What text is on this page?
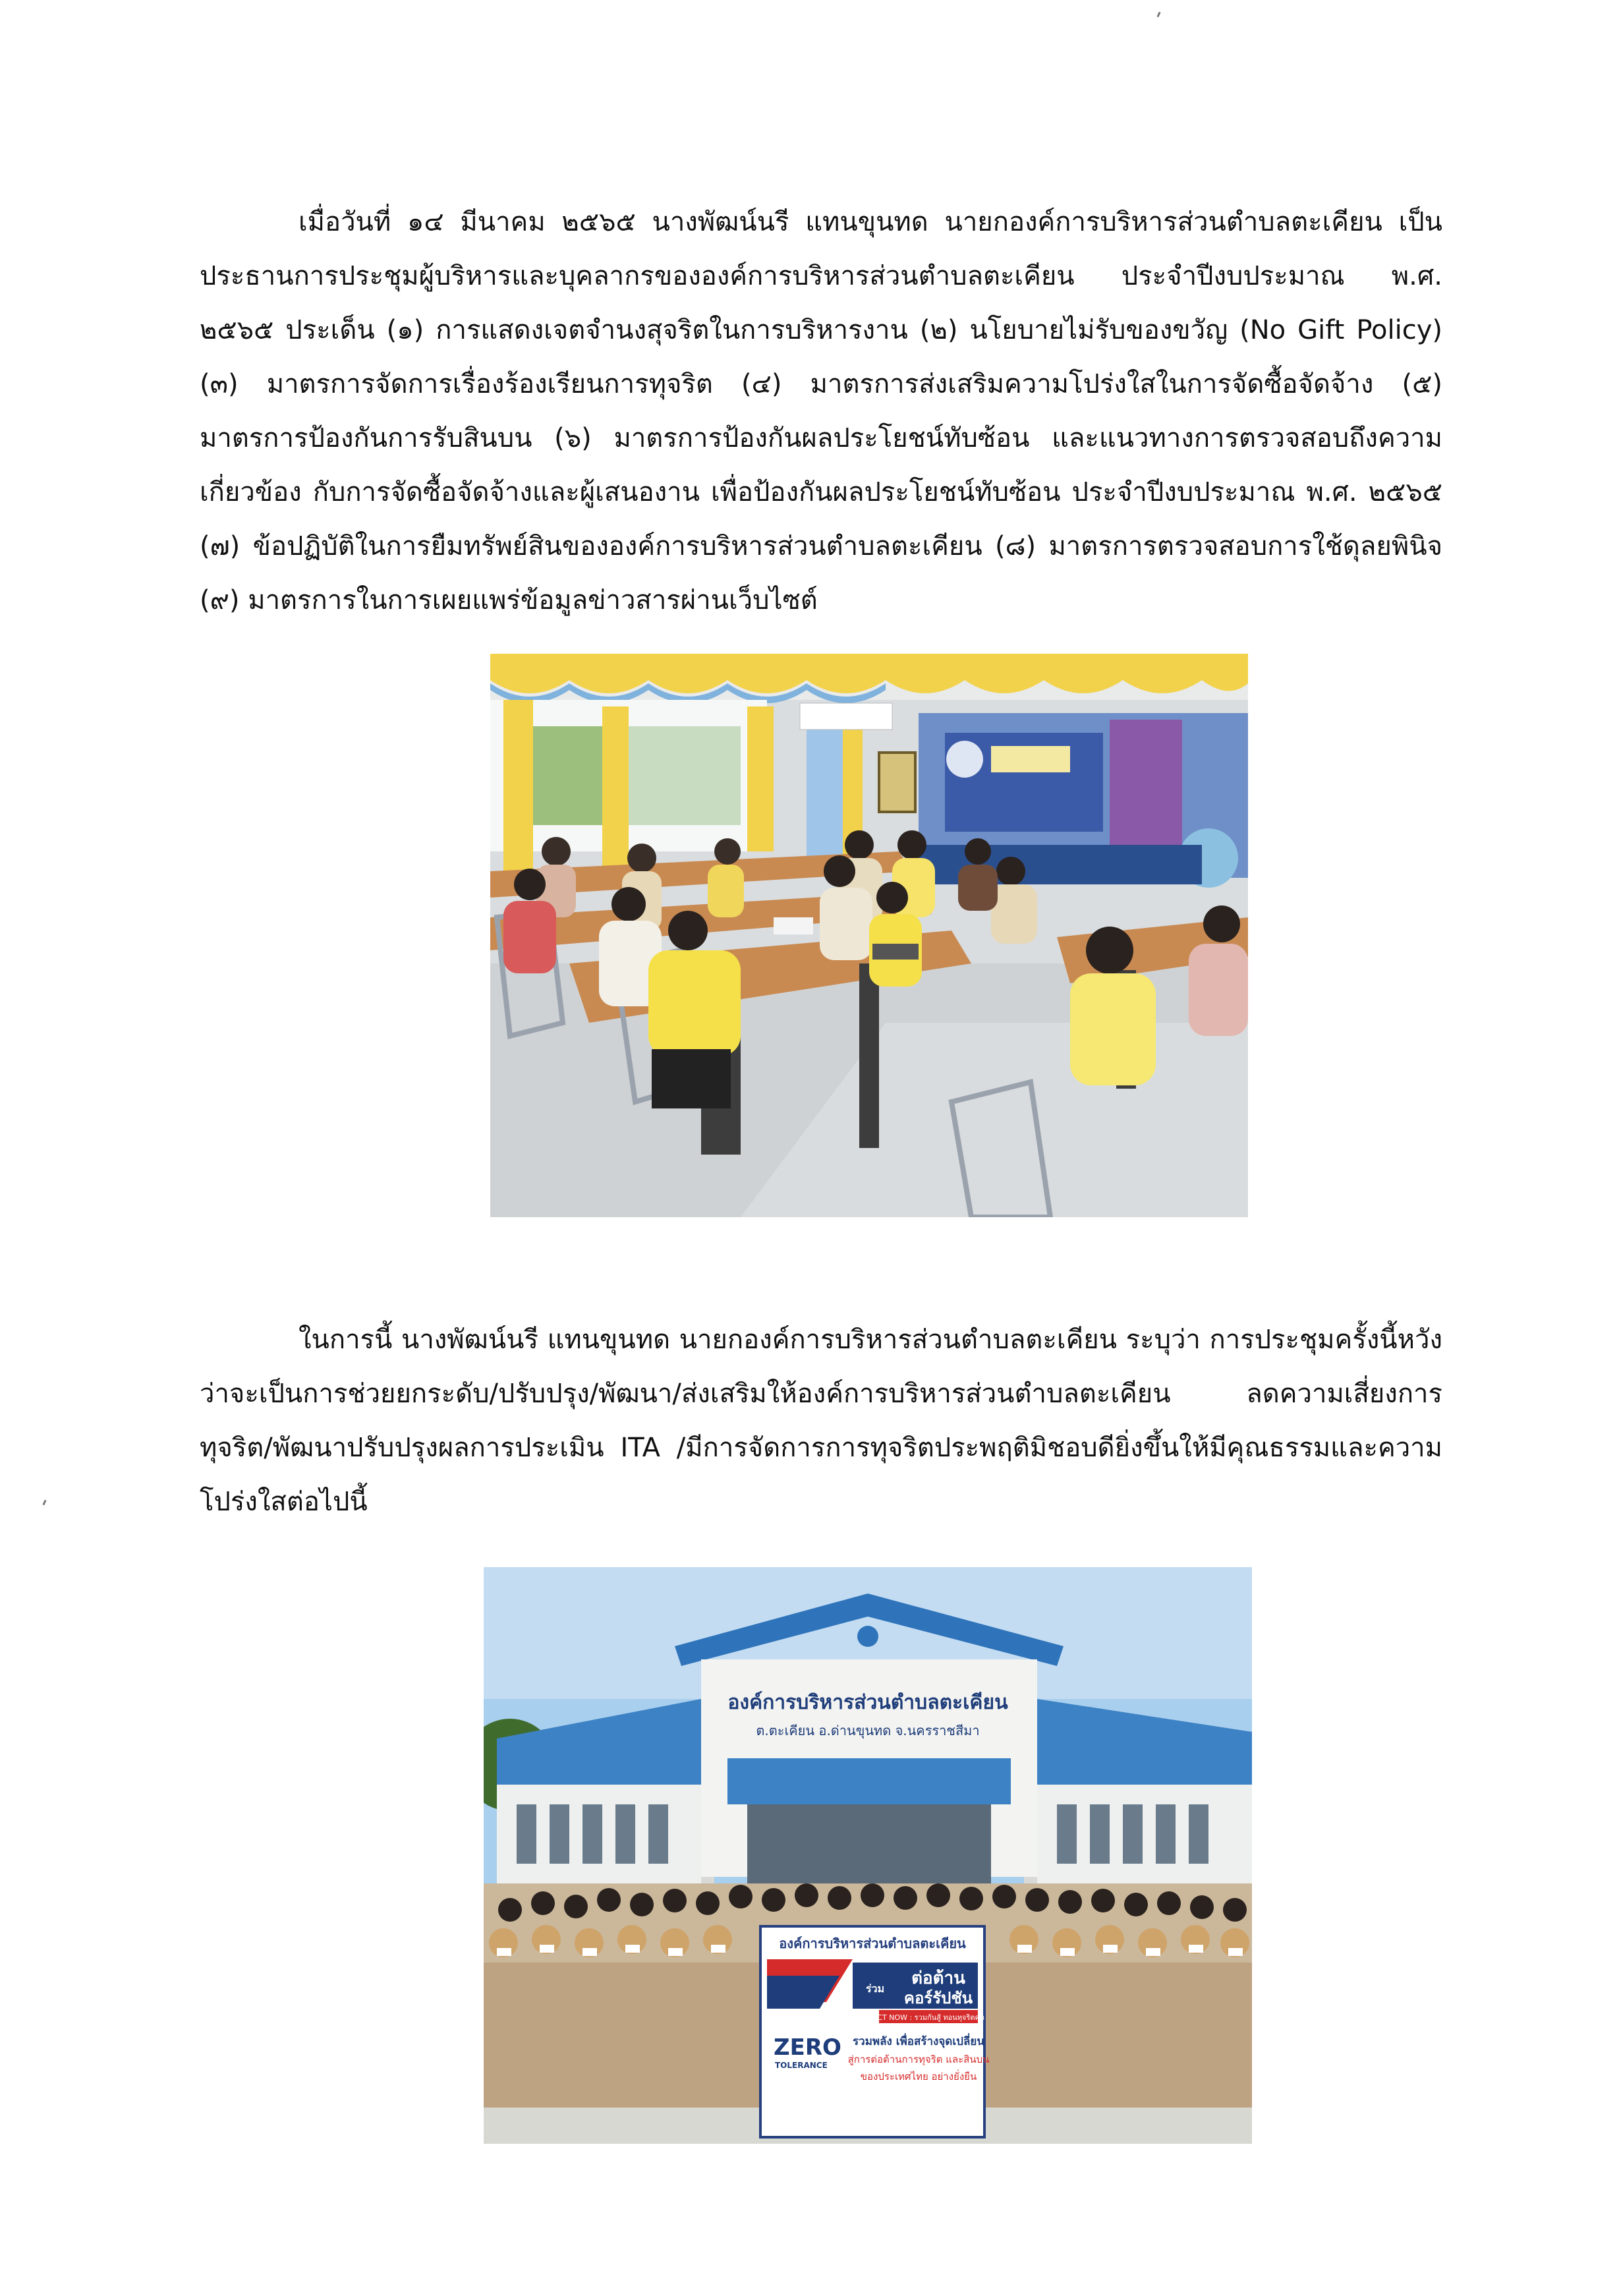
เมื่อวันที่ ๑๔ มีนาคม ๒๕๖๕ นางพัฒน์นรี แทนขุนทด นายกองค์การบริหารส่วนตำบลตะเคียน เป็นประธานการประชุมผู้บริหารและบุคลากรขององค์การบริหารส่วนตำบลตะเคียน ประจำปีงบประมาณ พ.ศ. ๒๕๖๕ ประเด็น (๑) การแสดงเจตจำนงสุจริตในการบริหารงาน (๒) นโยบายไม่รับของขวัญ (No Gift Policy) (๓) มาตรการจัดการเรื่องร้องเรียนการทุจริต (๔) มาตรการส่งเสริมความโปร่งใสในการจัดซื้อจัดจ้าง (๕) มาตรการป้องกันการรับสินบน (๖) มาตรการป้องกันผลประโยชน์ทับซ้อน และแนวทางการตรวจสอบถึงความเกี่ยวข้อง กับการจัดซื้อจัดจ้างและผู้เสนองาน เพื่อป้องกันผลประโยชน์ทับซ้อน ประจำปีงบประมาณ พ.ศ. ๒๕๖๕ (๗) ข้อปฏิบัติในการยืมทรัพย์สินขององค์การบริหารส่วนตำบลตะเคียน (๘) มาตรการตรวจสอบการใช้ดุลยพินิจ (๙) มาตรการในการเผยแพร่ข้อมูลข่าวสารผ่านเว็บไซต์

ในการนี้ นางพัฒน์นรี แทนขุนทด นายกองค์การบริหารส่วนตำบลตะเคียน ระบุว่า การประชุมครั้งนี้หวังว่าจะเป็นการช่วยยกระดับ/ปรับปรุง/พัฒนา/ส่งเสริมให้องค์การบริหารส่วนตำบลตะเคียน ลดความเสี่ยงการทุจริต/พัฒนาปรับปรุงผลการประเมิน ITA /มีการจัดการการทุจริตประพฤติมิชอบดียิ่งขึ้นให้มีคุณธรรมและความโปร่งใสต่อไปนี้

องค์การบริหารส่วนตำบลตะเคียน
ต.ตะเคียน อ.ด่านขุนทด จ.นครราชสีมา
องค์การบริหารส่วนตำบลตะเคียน
ร่วม
ต่อต้าน
คอร์รัปชัน
ACT NOW : รวมกันสู้ ทอนทุจริตคด
ZERO
TOLERANCE
รวมพลัง เพื่อสร้างจุดเปลี่ยน
สู่การต่อต้านการทุจริต และสินบน
ของประเทศไทย อย่างยั่งยืน
